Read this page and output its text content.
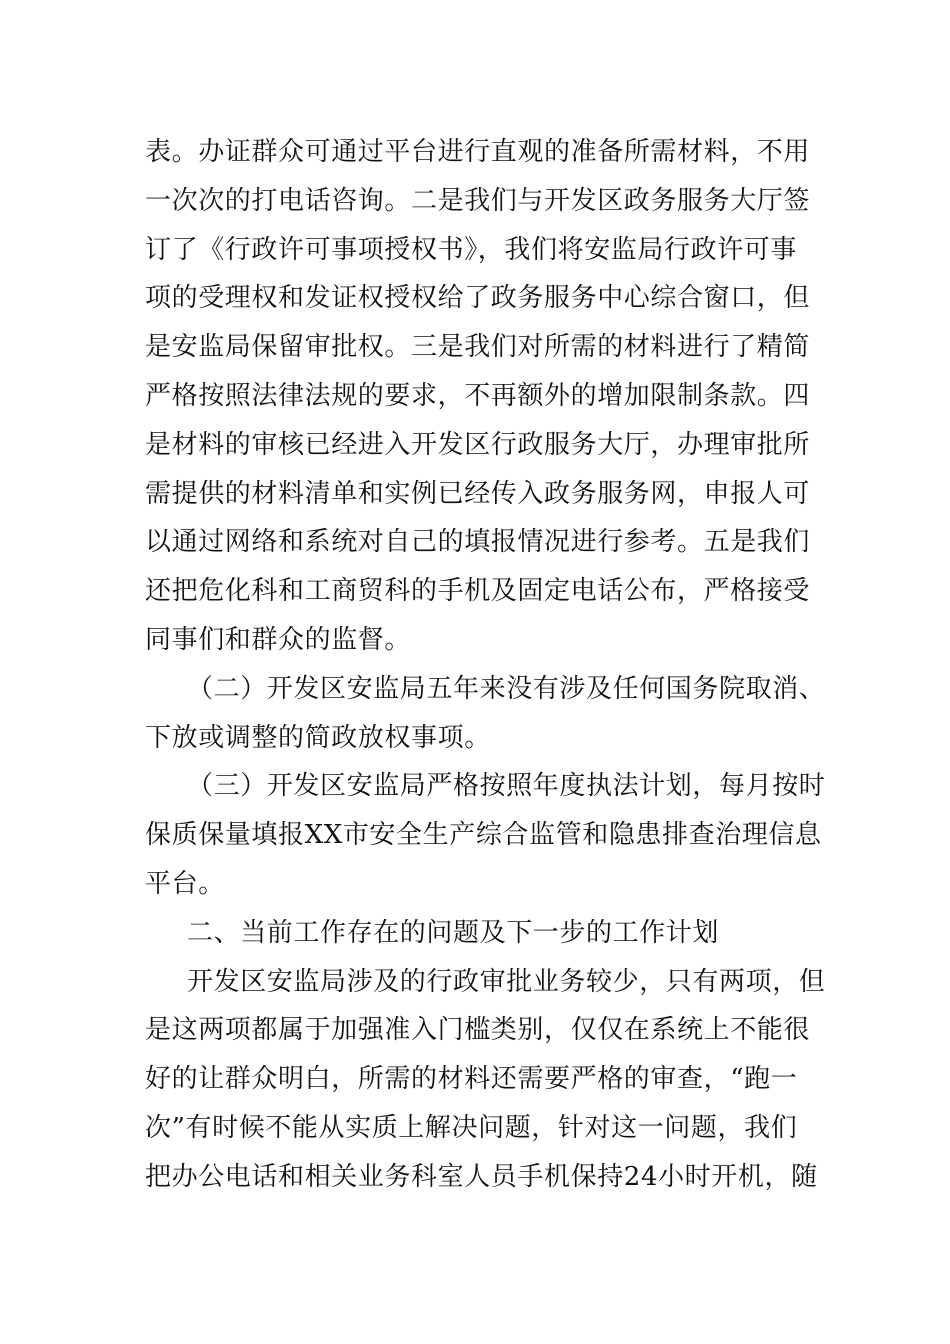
表。办证群众可通过平台进行直观的准备所需材料，不用
一次次的打电话咨询。二是我们与开发区政务服务大厅签
订了《行政许可事项授权书》，我们将安监局行政许可事
项的受理权和发证权授权给了政务服务中心综合窗口，但
是安监局保留审批权。三是我们对所需的材料进行了精简
严格按照法律法规的要求，不再额外的增加限制条款。四
是材料的审核已经进入开发区行政服务大厅，办理审批所
需提供的材料清单和实例已经传入政务服务网，申报人可
以通过网络和系统对自己的填报情况进行参考。五是我们
还把危化科和工商贸科的手机及固定电话公布，严格接受
同事们和群众的监督。
（二）开发区安监局五年来没有涉及任何国务院取消、
下放或调整的简政放权事项。
（三）开发区安监局严格按照年度执法计划，每月按时
保质保量填报XX市安全生产综合监管和隐患排查治理信息
平台。
二、当前工作存在的问题及下一步的工作计划
开发区安监局涉及的行政审批业务较少，只有两项，但
是这两项都属于加强准入门槛类别，仅仅在系统上不能很
好的让群众明白，所需的材料还需要严格的审查，“跑一
次”有时候不能从实质上解决问题，针对这一问题，我们
把办公电话和相关业务科室人员手机保持24小时开机，随
